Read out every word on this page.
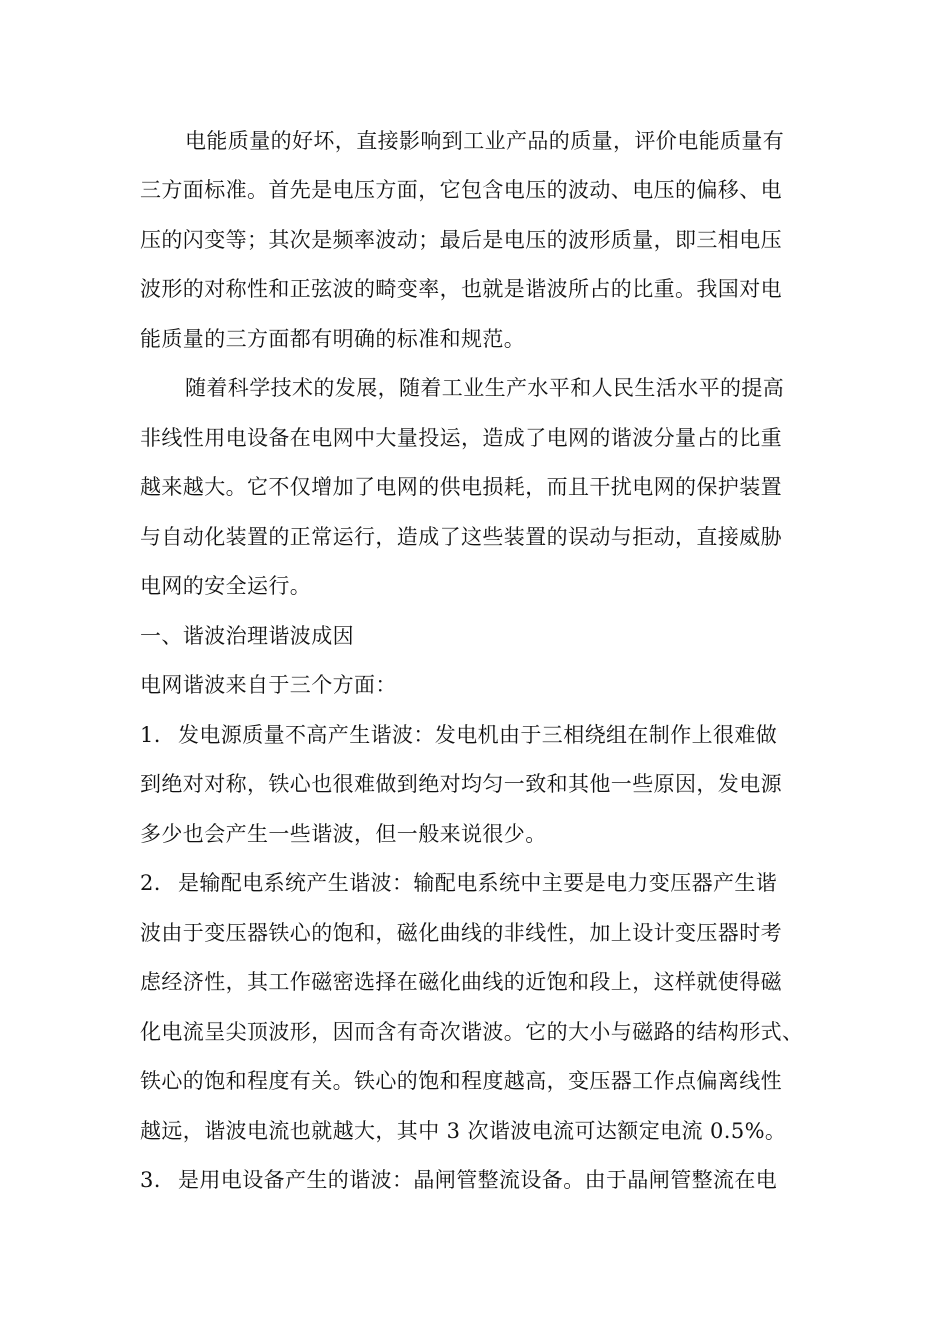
电能质量的好坏，直接影响到工业产品的质量，评价电能质量有

三方面标准。首先是电压方面，它包含电压的波动、电压的偏移、电

压的闪变等；其次是频率波动；最后是电压的波形质量，即三相电压

波形的对称性和正弦波的畸变率，也就是谐波所占的比重。我国对电

能质量的三方面都有明确的标准和规范。

随着科学技术的发展，随着工业生产水平和人民生活水平的提高

非线性用电设备在电网中大量投运，造成了电网的谐波分量占的比重

越来越大。它不仅增加了电网的供电损耗，而且干扰电网的保护装置

与自动化装置的正常运行，造成了这些装置的误动与拒动，直接威胁

电网的安全运行。

一、谐波治理谐波成因

电网谐波来自于三个方面：

1. 发电源质量不高产生谐波：发电机由于三相绕组在制作上很难做

到绝对对称，铁心也很难做到绝对均匀一致和其他一些原因，发电源

多少也会产生一些谐波，但一般来说很少。

2. 是输配电系统产生谐波：输配电系统中主要是电力变压器产生谐

波由于变压器铁心的饱和，磁化曲线的非线性，加上设计变压器时考

虑经济性，其工作磁密选择在磁化曲线的近饱和段上，这样就使得磁

化电流呈尖顶波形，因而含有奇次谐波。它的大小与磁路的结构形式、

铁心的饱和程度有关。铁心的饱和程度越高，变压器工作点偏离线性

越远，谐波电流也就越大，其中 3 次谐波电流可达额定电流 0.5%。

3. 是用电设备产生的谐波：晶闸管整流设备。由于晶闸管整流在电
